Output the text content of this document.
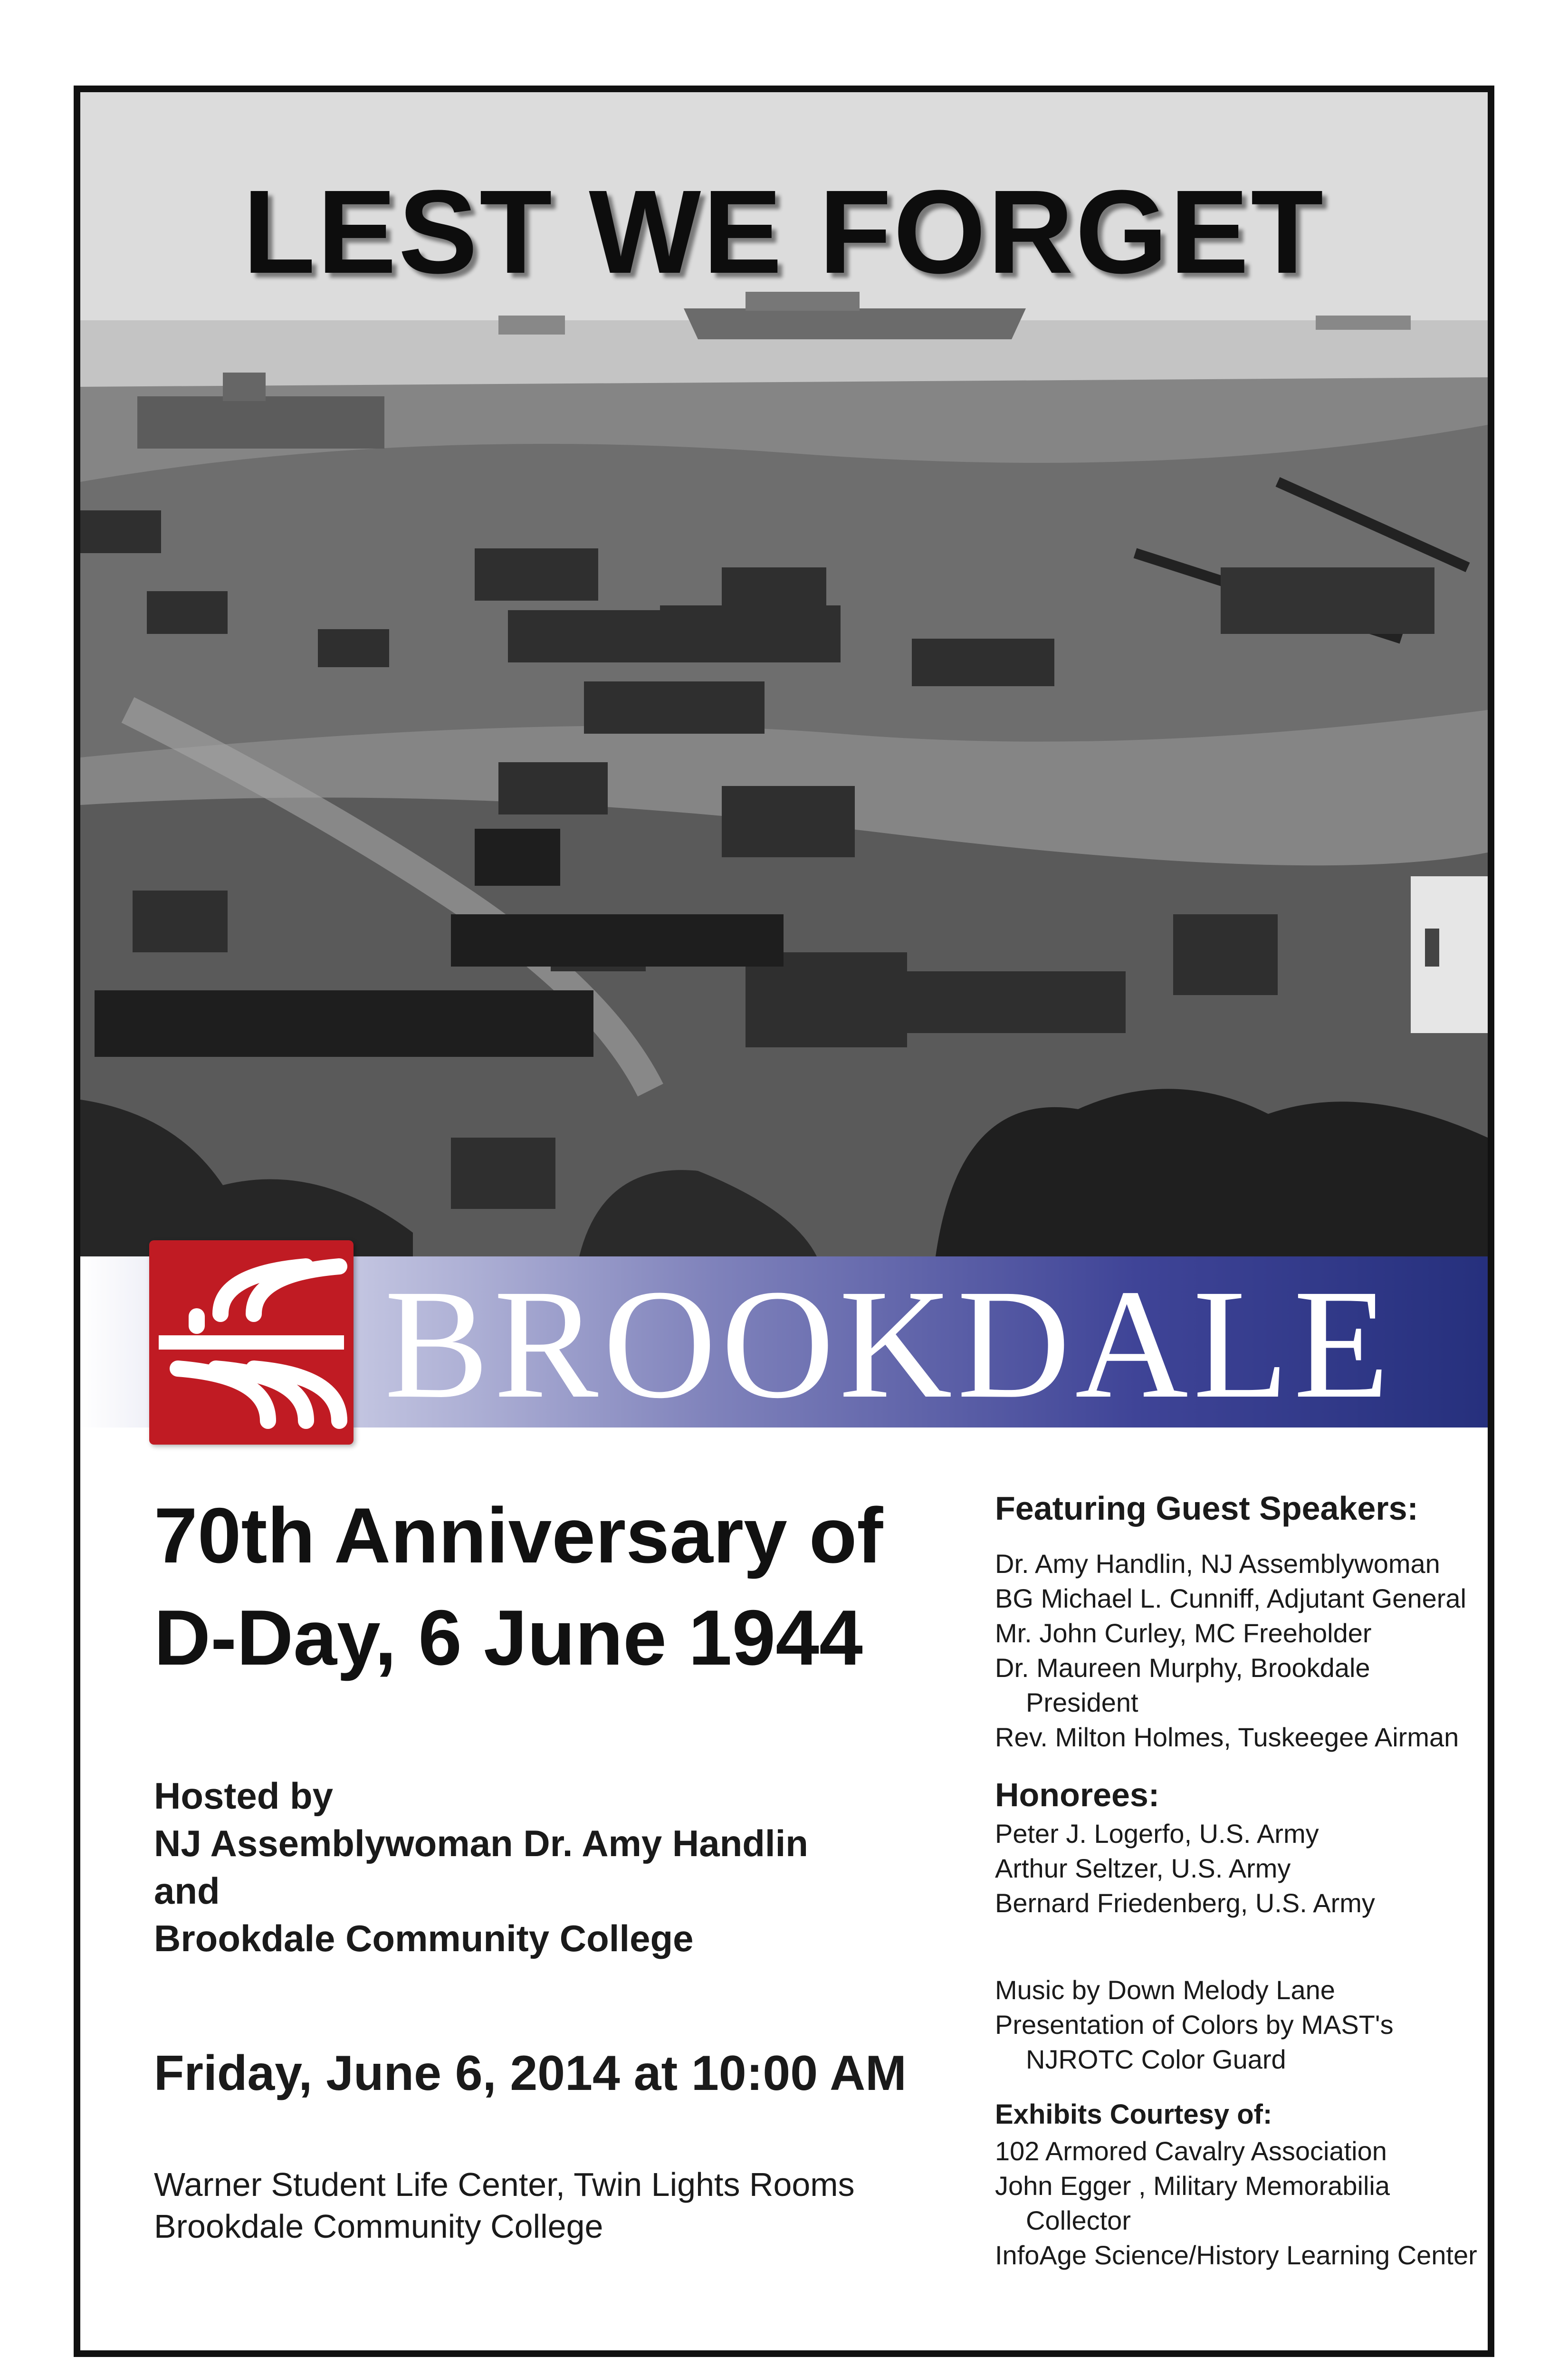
LEST WE FORGET
BROOKDALE
70th Anniversary of
D-Day, 6 June 1944
Hosted by
NJ Assemblywoman Dr. Amy Handlin
and
Brookdale Community College
Friday, June 6, 2014 at 10:00 AM
Warner Student Life Center, Twin Lights Rooms
Brookdale Community College
Featuring Guest Speakers:
Dr. Amy Handlin, NJ Assemblywoman
BG Michael L. Cunniff, Adjutant General
Mr. John Curley, MC Freeholder
Dr. Maureen Murphy, Brookdale President
Rev. Milton Holmes, Tuskeegee Airman
Honorees:
Peter J. Logerfo, U.S. Army
Arthur Seltzer, U.S. Army
Bernard Friedenberg, U.S. Army
Music by Down Melody Lane
Presentation of Colors by MAST's NJROTC Color Guard
Exhibits Courtesy of:
102 Armored Cavalry Association
John Egger , Military Memorabilia Collector
InfoAge Science/History Learning Center
